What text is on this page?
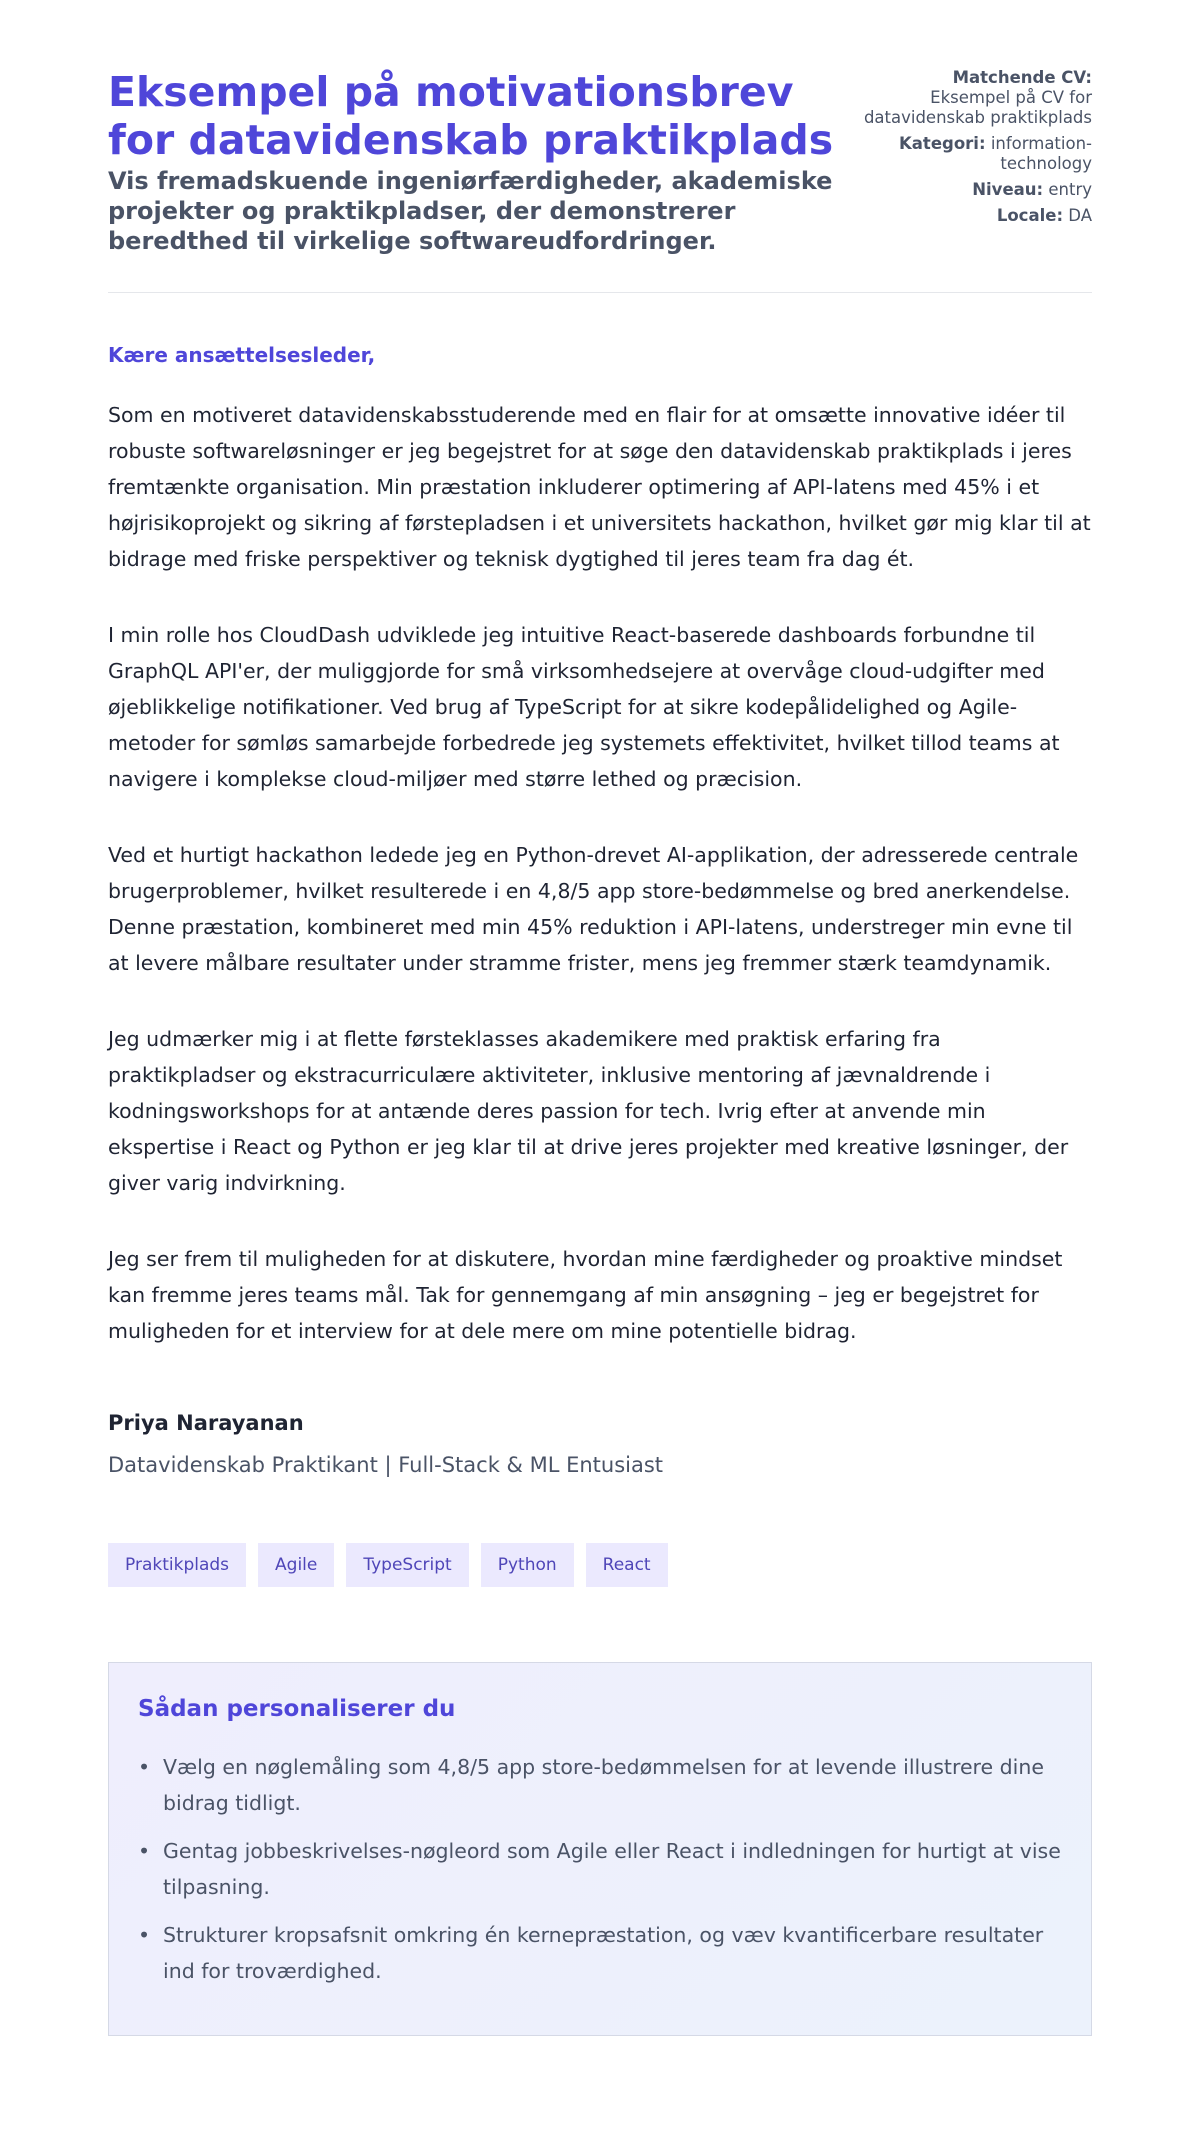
Eksempel på motivationsbrev for datavidenskab praktikplads
Vis fremadskuende ingeniørfærdigheder, akademiske projekter og praktikpladser, der demonstrerer beredthed til virkelige softwareudfordringer.
Matchende CV:
Eksempel på CV for datavidenskab praktikplads
Kategori: information-technology
Niveau: entry
Locale: DA
Kære ansættelsesleder,

Som en motiveret datavidenskabsstuderende med en flair for at omsætte innovative idéer til robuste softwareløsninger er jeg begejstret for at søge den datavidenskab praktikplads i jeres fremtænkte organisation. Min præstation inkluderer optimering af API-latens med 45% i et højrisikoprojekt og sikring af førstepladsen i et universitets hackathon, hvilket gør mig klar til at bidrage med friske perspektiver og teknisk dygtighed til jeres team fra dag ét.

I min rolle hos CloudDash udviklede jeg intuitive React-baserede dashboards forbundne til GraphQL API'er, der muliggjorde for små virksomhedsejere at overvåge cloud-udgifter med øjeblikkelige notifikationer. Ved brug af TypeScript for at sikre kodepålidelighed og Agile-metoder for sømløs samarbejde forbedrede jeg systemets effektivitet, hvilket tillod teams at navigere i komplekse cloud-miljøer med større lethed og præcision.

Ved et hurtigt hackathon ledede jeg en Python-drevet AI-applikation, der adresserede centrale brugerproblemer, hvilket resulterede i en 4,8/5 app store-bedømmelse og bred anerkendelse. Denne præstation, kombineret med min 45% reduktion i API-latens, understreger min evne til at levere målbare resultater under stramme frister, mens jeg fremmer stærk teamdynamik.

Jeg udmærker mig i at flette førsteklasses akademikere med praktisk erfaring fra praktikpladser og ekstracurriculære aktiviteter, inklusive mentoring af jævnaldrende i kodningsworkshops for at antænde deres passion for tech. Ivrig efter at anvende min ekspertise i React og Python er jeg klar til at drive jeres projekter med kreative løsninger, der giver varig indvirkning.

Jeg ser frem til muligheden for at diskutere, hvordan mine færdigheder og proaktive mindset kan fremme jeres teams mål. Tak for gennemgang af min ansøgning – jeg er begejstret for muligheden for et interview for at dele mere om mine potentielle bidrag.

Priya Narayanan
Datavidenskab Praktikant | Full-Stack & ML Entusiast
Praktikplads	Agile	TypeScript	Python	React
Sådan personaliserer du
• Vælg en nøglemåling som 4,8/5 app store-bedømmelsen for at levende illustrere dine bidrag tidligt.
• Gentag jobbeskrivelses-nøgleord som Agile eller React i indledningen for hurtigt at vise tilpasning.
• Strukturer kropsafsnit omkring én kernepræstation, og væv kvantificerbare resultater ind for troværdighed.
